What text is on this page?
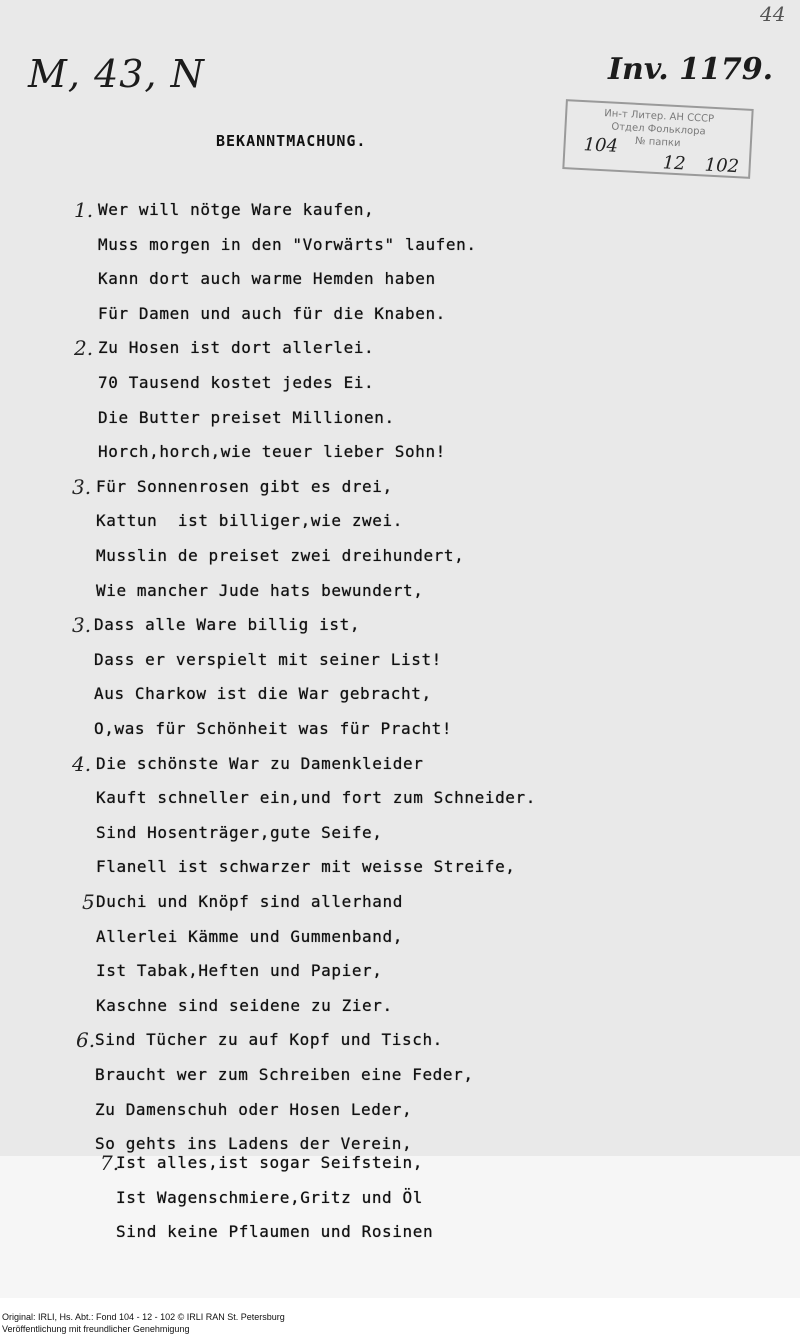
M, 43, N	Inv. 1179.
44
Ин-т Литер. АН СССР
Отдел Фольклора
№ папки
104
12 102
BEKANNTMACHUNG.
1. Wer will nötge Ware kaufen,
Muss morgen in den "Vorwärts" laufen.
Kann dort auch warme Hemden haben
Für Damen und auch für die Knaben.
2. Zu Hosen ist dort allerlei.
70 Tausend kostet jedes Ei.
Die Butter preiset Millionen.
Horch,horch,wie teuer lieber Sohn!
3. Für Sonnenrosen gibt es drei,
Kattun  ist billiger,wie zwei.
Musslin de preiset zwei dreihundert,
Wie mancher Jude hats bewundert,
3. Dass alle Ware billig ist,
Dass er verspielt mit seiner List!
Aus Charkow ist die War gebracht,
O,was für Schönheit was für Pracht!
4. Die schönste War zu Damenkleider
Kauft schneller ein,und fort zum Schneider.
Sind Hosenträger,gute Seife,
Flanell ist schwarzer mit weisse Streife,
5 Duchi und Knöpf sind allerhand
Allerlei Kämme und Gummenband,
Ist Tabak,Heften und Papier,
Kaschne sind seidene zu Zier.
6. Sind Tücher zu auf Kopf und Tisch.
Braucht wer zum Schreiben eine Feder,
Zu Damenschuh oder Hosen Leder,
So gehts ins Ladens der Verein,
7.
Ist alles,ist sogar Seifstein,
Ist Wagenschmiere,Gritz und Öl
Sind keine Pflaumen und Rosinen
Original: IRLI, Hs. Abt.: Fond 104 - 12 - 102 © IRLI RAN St. Petersburg
Veröffentlichung mit freundlicher Genehmigung
